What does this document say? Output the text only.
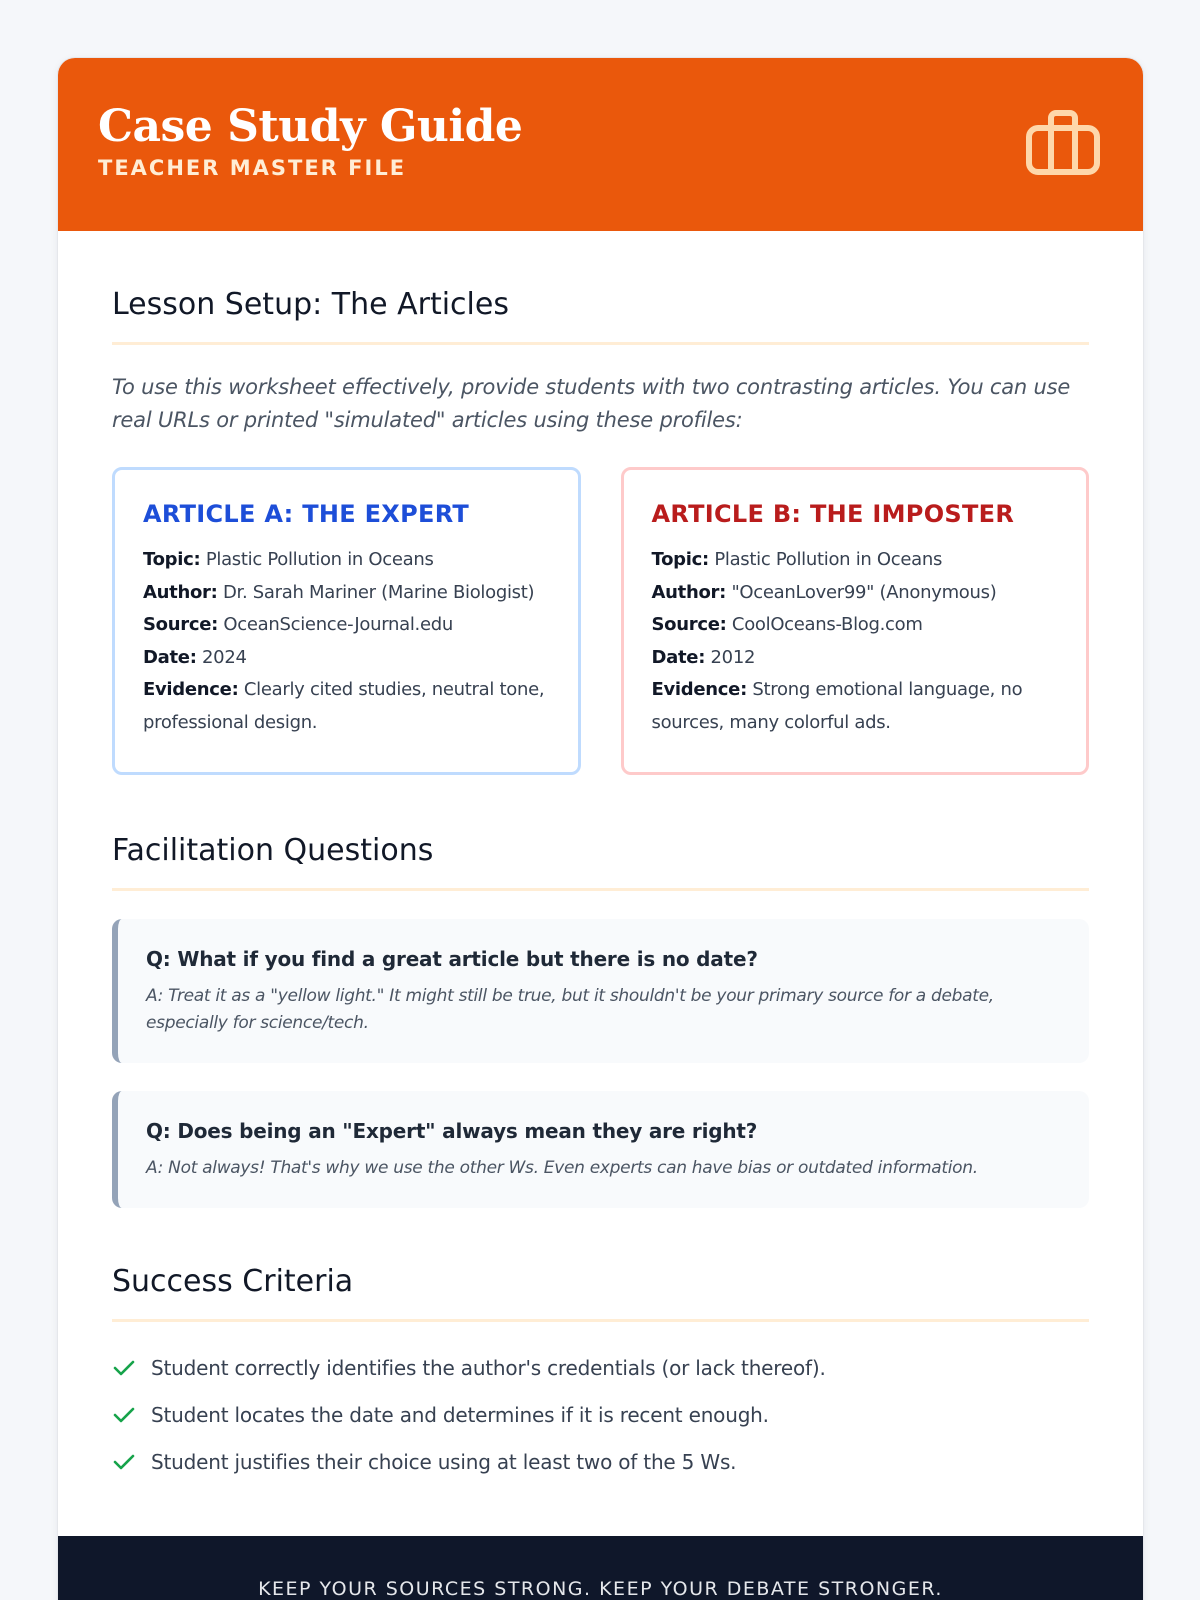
Case Study Guide
TEACHER MASTER FILE
Lesson Setup: The Articles

To use this worksheet effectively, provide students with two contrasting articles. You can use real URLs or printed "simulated" articles using these profiles:

ARTICLE A: THE EXPERT

Topic: Plastic Pollution in Oceans

Author: Dr. Sarah Mariner (Marine Biologist)

Source: OceanScience-Journal.edu

Date: 2024

Evidence: Clearly cited studies, neutral tone, professional design.

ARTICLE B: THE IMPOSTER

Topic: Plastic Pollution in Oceans

Author: "OceanLover99" (Anonymous)

Source: CoolOceans-Blog.com

Date: 2012

Evidence: Strong emotional language, no sources, many colorful ads.

Facilitation Questions
Q: What if you find a great article but there is no date?
A: Treat it as a "yellow light." It might still be true, but it shouldn't be your primary source for a debate, especially for science/tech.
Q: Does being an "Expert" always mean they are right?
A: Not always! That's why we use the other Ws. Even experts can have bias or outdated information.
Success Criteria
Student correctly identifies the author's credentials (or lack thereof).
Student locates the date and determines if it is recent enough.
Student justifies their choice using at least two of the 5 Ws.
KEEP YOUR SOURCES STRONG. KEEP YOUR DEBATE STRONGER.
